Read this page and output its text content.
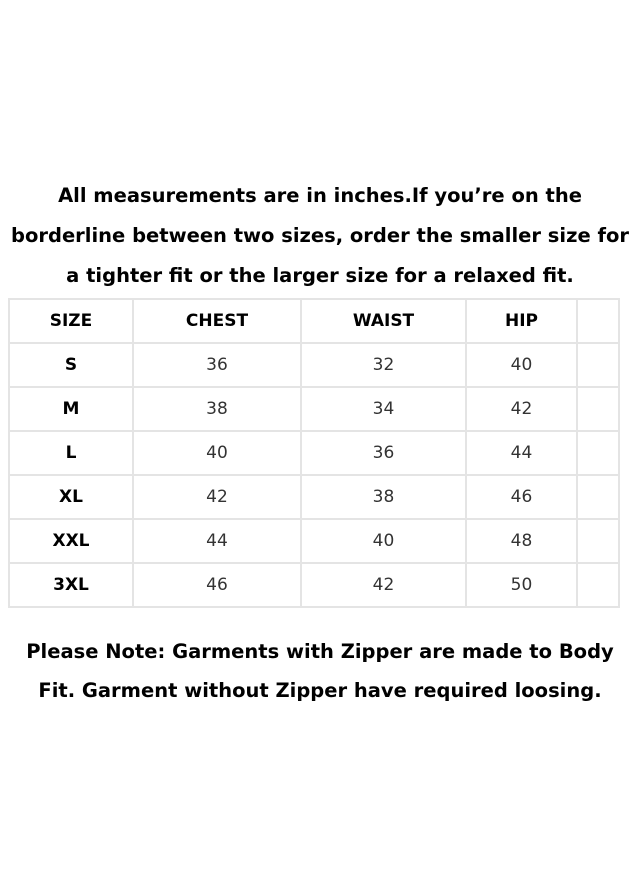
All measurements are in inches.If you’re on the
borderline between two sizes, order the smaller size for
a tighter fit or the larger size for a relaxed fit.
SIZE	CHEST	WAIST	HIP	
S	36	32	40	
M	38	34	42	
L	40	36	44	
XL	42	38	46	
XXL	44	40	48	
3XL	46	42	50	
Please Note: Garments with Zipper are made to Body
Fit. Garment without Zipper have required loosing.
